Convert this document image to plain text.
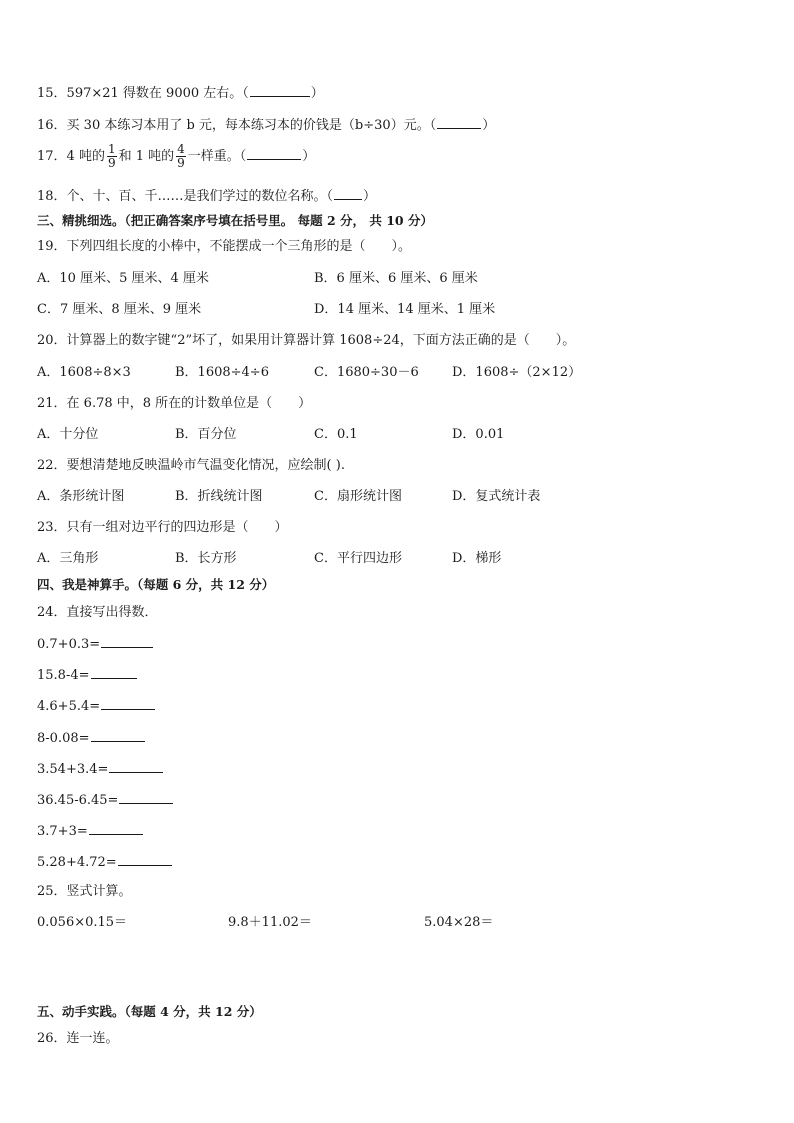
15．597×21 得数在 9000 左右。（	）
16．买 30 本练习本用了 b 元，每本练习本的价钱是（b÷30）元。（	）
17．4 吨的 $\frac{1}{9}$ 和 1 吨的 $\frac{4}{9}$ 一样重。（	）
18．个、十、百、千……是我们学过的数位名称。（ ）
三、精挑细选。（把正确答案序号填在括号里。 每题 2 分， 共 10 分）
19．下列四组长度的小棒中，不能摆成一个三角形的是（　　）。
A．10 厘米、5 厘米、4 厘米	B．6 厘米、6 厘米、6 厘米
C．7 厘米、8 厘米、9 厘米	D．14 厘米、14 厘米、1 厘米
20．计算器上的数字键“2”坏了，如果用计算器计算 1608÷24，下面方法正确的是（　　）。
A．1608÷8×3	B．1608÷4÷6	C．1680÷30－6	D．1608÷（2×12）
21．在 6.78 中，8 所在的计数单位是（　　）
A．十分位	B．百分位	C．0.1	D．0.01
22．要想清楚地反映温岭市气温变化情况，应绘制( ).
A．条形统计图	B．折线统计图	C．扇形统计图	D．复式统计表
23．只有一组对边平行的四边形是（　　）
A．三角形	B．长方形	C．平行四边形	D．梯形
四、我是神算手。（每题 6 分，共 12 分）
24．直接写出得数．
0.7+0.3=
15.8-4=
4.6+5.4=
8-0.08=
3.54+3.4=
36.45-6.45=
3.7+3=
5.28+4.72=
25．竖式计算。
0.056×0.15＝	9.8＋11.02＝	5.04×28＝
五、动手实践。（每题 4 分，共 12 分）
26．连一连。
